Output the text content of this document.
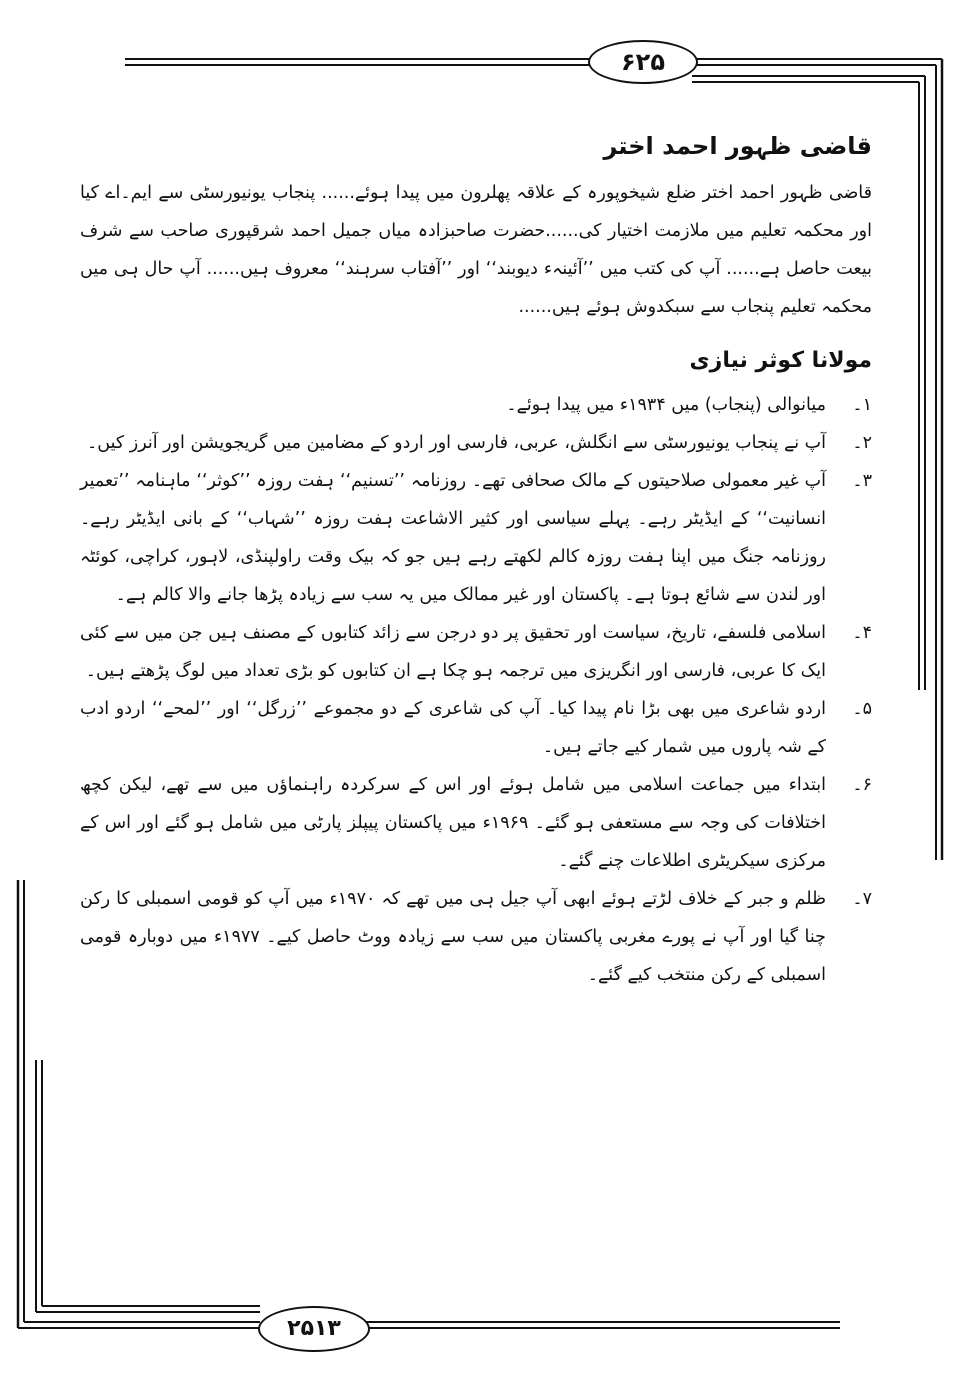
۶۲۵
۲۵۱۳
قاضی ظہور احمد اختر

قاضی ظہور احمد اختر ضلع شیخوپورہ کے علاقہ پھلرون میں پیدا ہوئے...... پنجاب یونیورسٹی سے ایم۔اے کیا اور محکمہ تعلیم میں ملازمت اختیار کی......حضرت صاحبزادہ میاں جمیل احمد شرقپوری صاحب سے شرف بیعت حاصل ہے...... آپ کی کتب میں ’’آئینہء دیوبند‘‘ اور ’’آفتاب سرہند‘‘ معروف ہیں...... آپ حال ہی میں محکمہ تعلیم پنجاب سے سبکدوش ہوئے ہیں......

مولانا کوثر نیازی
۱۔
میانوالی (پنجاب) میں ۱۹۳۴ء میں پیدا ہوئے۔
۲۔
آپ نے پنجاب یونیورسٹی سے انگلش، عربی، فارسی اور اردو کے مضامین میں گریجویشن اور آنرز کیں۔
۳۔
آپ غیر معمولی صلاحیتوں کے مالک صحافی تھے۔ روزنامہ ’’تسنیم‘‘ ہفت روزہ ’’کوثر‘‘ ماہنامہ ’’تعمیر انسانیت‘‘ کے ایڈیٹر رہے۔ پہلے سیاسی اور کثیر الاشاعت ہفت روزہ ’’شہاب‘‘ کے بانی ایڈیٹر رہے۔ روزنامہ جنگ میں اپنا ہفت روزہ کالم لکھتے رہے ہیں جو کہ بیک وقت راولپنڈی، لاہور، کراچی، کوئٹہ اور لندن سے شائع ہوتا ہے۔ پاکستان اور غیر ممالک میں یہ سب سے زیادہ پڑھا جانے والا کالم ہے۔
۴۔
اسلامی فلسفے، تاریخ، سیاست اور تحقیق پر دو درجن سے زائد کتابوں کے مصنف ہیں جن میں سے کئی ایک کا عربی، فارسی اور انگریزی میں ترجمہ ہو چکا ہے ان کتابوں کو بڑی تعداد میں لوگ پڑھتے ہیں۔
۵۔
اردو شاعری میں بھی بڑا نام پیدا کیا۔ آپ کی شاعری کے دو مجموعے ’’زرگل‘‘ اور ’’لمحے‘‘ اردو ادب کے شہ پاروں میں شمار کیے جاتے ہیں۔
۶۔
ابتداء میں جماعت اسلامی میں شامل ہوئے اور اس کے سرکردہ راہنماؤں میں سے تھے، لیکن کچھ اختلافات کی وجہ سے مستعفی ہو گئے۔ ۱۹۶۹ء میں پاکستان پیپلز پارٹی میں شامل ہو گئے اور اس کے مرکزی سیکریٹری اطلاعات چنے گئے۔
۷۔
ظلم و جبر کے خلاف لڑتے ہوئے ابھی آپ جیل ہی میں تھے کہ ۱۹۷۰ء میں آپ کو قومی اسمبلی کا رکن چنا گیا اور آپ نے پورے مغربی پاکستان میں سب سے زیادہ ووٹ حاصل کیے۔ ۱۹۷۷ء میں دوبارہ قومی اسمبلی کے رکن منتخب کیے گئے۔
